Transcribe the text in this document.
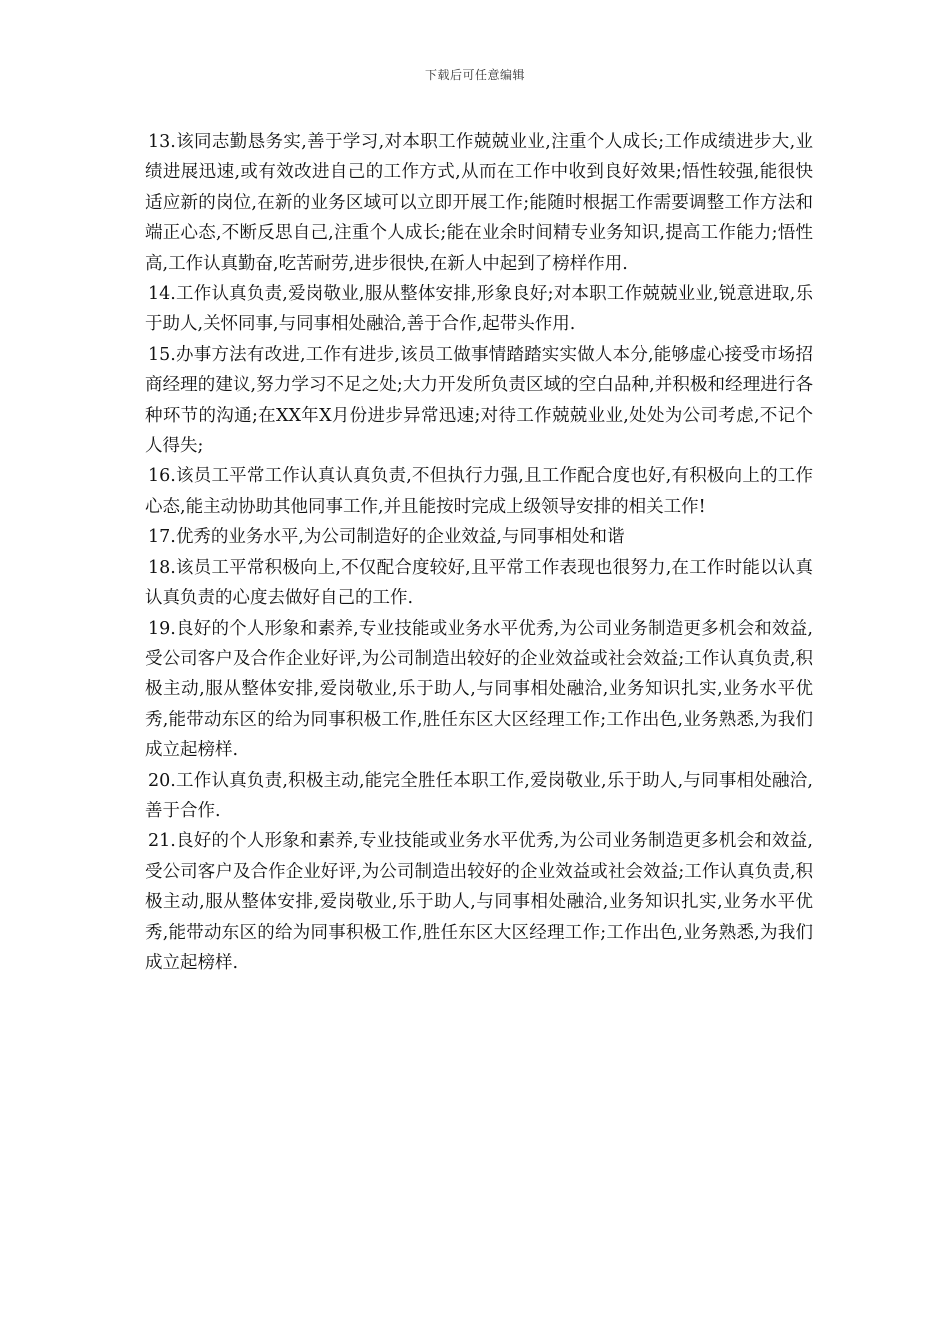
下载后可任意编辑

13.该同志勤恳务实,善于学习,对本职工作兢兢业业,注重个人成长;工作成绩进步大,业绩进展迅速,或有效改进自己的工作方式,从而在工作中收到良好效果;悟性较强,能很快适应新的岗位,在新的业务区域可以立即开展工作;能随时根据工作需要调整工作方法和端正心态,不断反思自己,注重个人成长;能在业余时间精专业务知识,提高工作能力;悟性高,工作认真勤奋,吃苦耐劳,进步很快,在新人中起到了榜样作用.

14.工作认真负责,爱岗敬业,服从整体安排,形象良好;对本职工作兢兢业业,锐意进取,乐于助人,关怀同事,与同事相处融洽,善于合作,起带头作用.

15.办事方法有改进,工作有进步,该员工做事情踏踏实实做人本分,能够虚心接受市场招商经理的建议,努力学习不足之处;大力开发所负责区域的空白品种,并积极和经理进行各种环节的沟通;在XX年X月份进步异常迅速;对待工作兢兢业业,处处为公司考虑,不记个人得失;

16.该员工平常工作认真认真负责,不但执行力强,且工作配合度也好,有积极向上的工作心态,能主动协助其他同事工作,并且能按时完成上级领导安排的相关工作!

17.优秀的业务水平,为公司制造好的企业效益,与同事相处和谐

18.该员工平常积极向上,不仅配合度较好,且平常工作表现也很努力,在工作时能以认真认真负责的心度去做好自己的工作.

19.良好的个人形象和素养,专业技能或业务水平优秀,为公司业务制造更多机会和效益,受公司客户及合作企业好评,为公司制造出较好的企业效益或社会效益;工作认真负责,积极主动,服从整体安排,爱岗敬业,乐于助人,与同事相处融洽,业务知识扎实,业务水平优秀,能带动东区的给为同事积极工作,胜任东区大区经理工作;工作出色,业务熟悉,为我们成立起榜样.

20.工作认真负责,积极主动,能完全胜任本职工作,爱岗敬业,乐于助人,与同事相处融洽,善于合作.

21.良好的个人形象和素养,专业技能或业务水平优秀,为公司业务制造更多机会和效益,受公司客户及合作企业好评,为公司制造出较好的企业效益或社会效益;工作认真负责,积极主动,服从整体安排,爱岗敬业,乐于助人,与同事相处融洽,业务知识扎实,业务水平优秀,能带动东区的给为同事积极工作,胜任东区大区经理工作;工作出色,业务熟悉,为我们成立起榜样.
